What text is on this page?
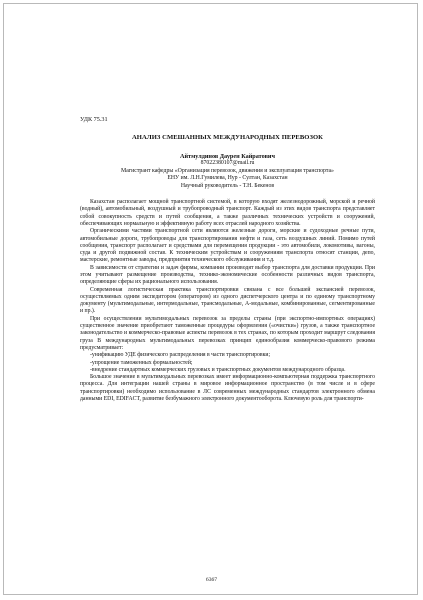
УДК 75.31
АНАЛИЗ СМЕШАННЫХ МЕЖДУНАРОДНЫХ ПЕРЕВОЗОК
Айтмулдинов Даурен Кайратович
87022380107@mail.ru
Магистрант кафедры «Организация перевозок, движения и эксплуатация транспорта»
ЕНУ им. Л.Н.Гумилева, Нур - Султан, Казахстан
Научный руководитель - Т.Н. Бекенов

Казахстан располагает мощной транспортной системой, в которую входят железнодорожный, морской и речной (водный), автомобильный, воздушный и трубопроводный транспорт. Каждый из этих видов транспорта представляет собой совокупность средств и путей сообщения, а также различных технических устройств и сооружений, обеспечивающих нормальную и эффективную работу всех отраслей народного хозяйства.

Органическими частями транспортной сети являются железные дороги, морские и судоходные речные пути, автомобильные дороги, трубопроводы для транспортирования нефти и газа, сеть воздушных линий. Помимо путей сообщения, транспорт располагает и средствами для перемещения продукции - это автомобили, локомотивы, вагоны, суда и другой подвижной состав. К техническим устройствам и сооружениям транспорта относят станции, депо, мастерские, ремонтные заводы, предприятия технического обслуживания и т.д.

В зависимости от стратегии и задач фирмы, компании производят выбор транспорта для доставки продукции. При этом учитывают размещение производства, технико-экономические особенности различных видов транспорта, определяющие сферы их рационального использования.

Современная логистическая практика транспортировки связана с все большей экспансией перевозок, осуществляемых одним экспедитором (оператором) из одного диспетчерского центра и по единому транспортному документу (мультимодальные, интермодальные, трансмодальные, А-модальные, комбинированные, сегментированные и пр.).

При осуществлении мультимодальных перевозок за пределы страны (при экспортно-импортных операциях) существенное значение приобретают таможенные процедуры оформления («очистки») грузов, а также транспортное законодательство и коммерческо-правовые аспекты перевозок в тех странах, по которым проходит маршрут следования груза В международных мультимодальных перевозках принцип единообразия коммерческо-правового режима предусматривает:

-унификацию УДЕ физического распределения в части транспортировки;

-упрощение таможенных формальностей;

-внедрение стандартных коммерческих грузовых и транспортных документов международного образца.

Большое значение в мультимодальных перевозках имеет информационно-компьютерная поддержка транспортного процесса. Для интеграции нашей страны в мировое информационное пространство (в том числе и в сфере транспортировки) необходимо использование в ЛС современных международных стандартов электронного обмена данными EDI, EDIFACT, развитие безбумажного электронного документооборота. Ключевую роль для транспорти-

6367
